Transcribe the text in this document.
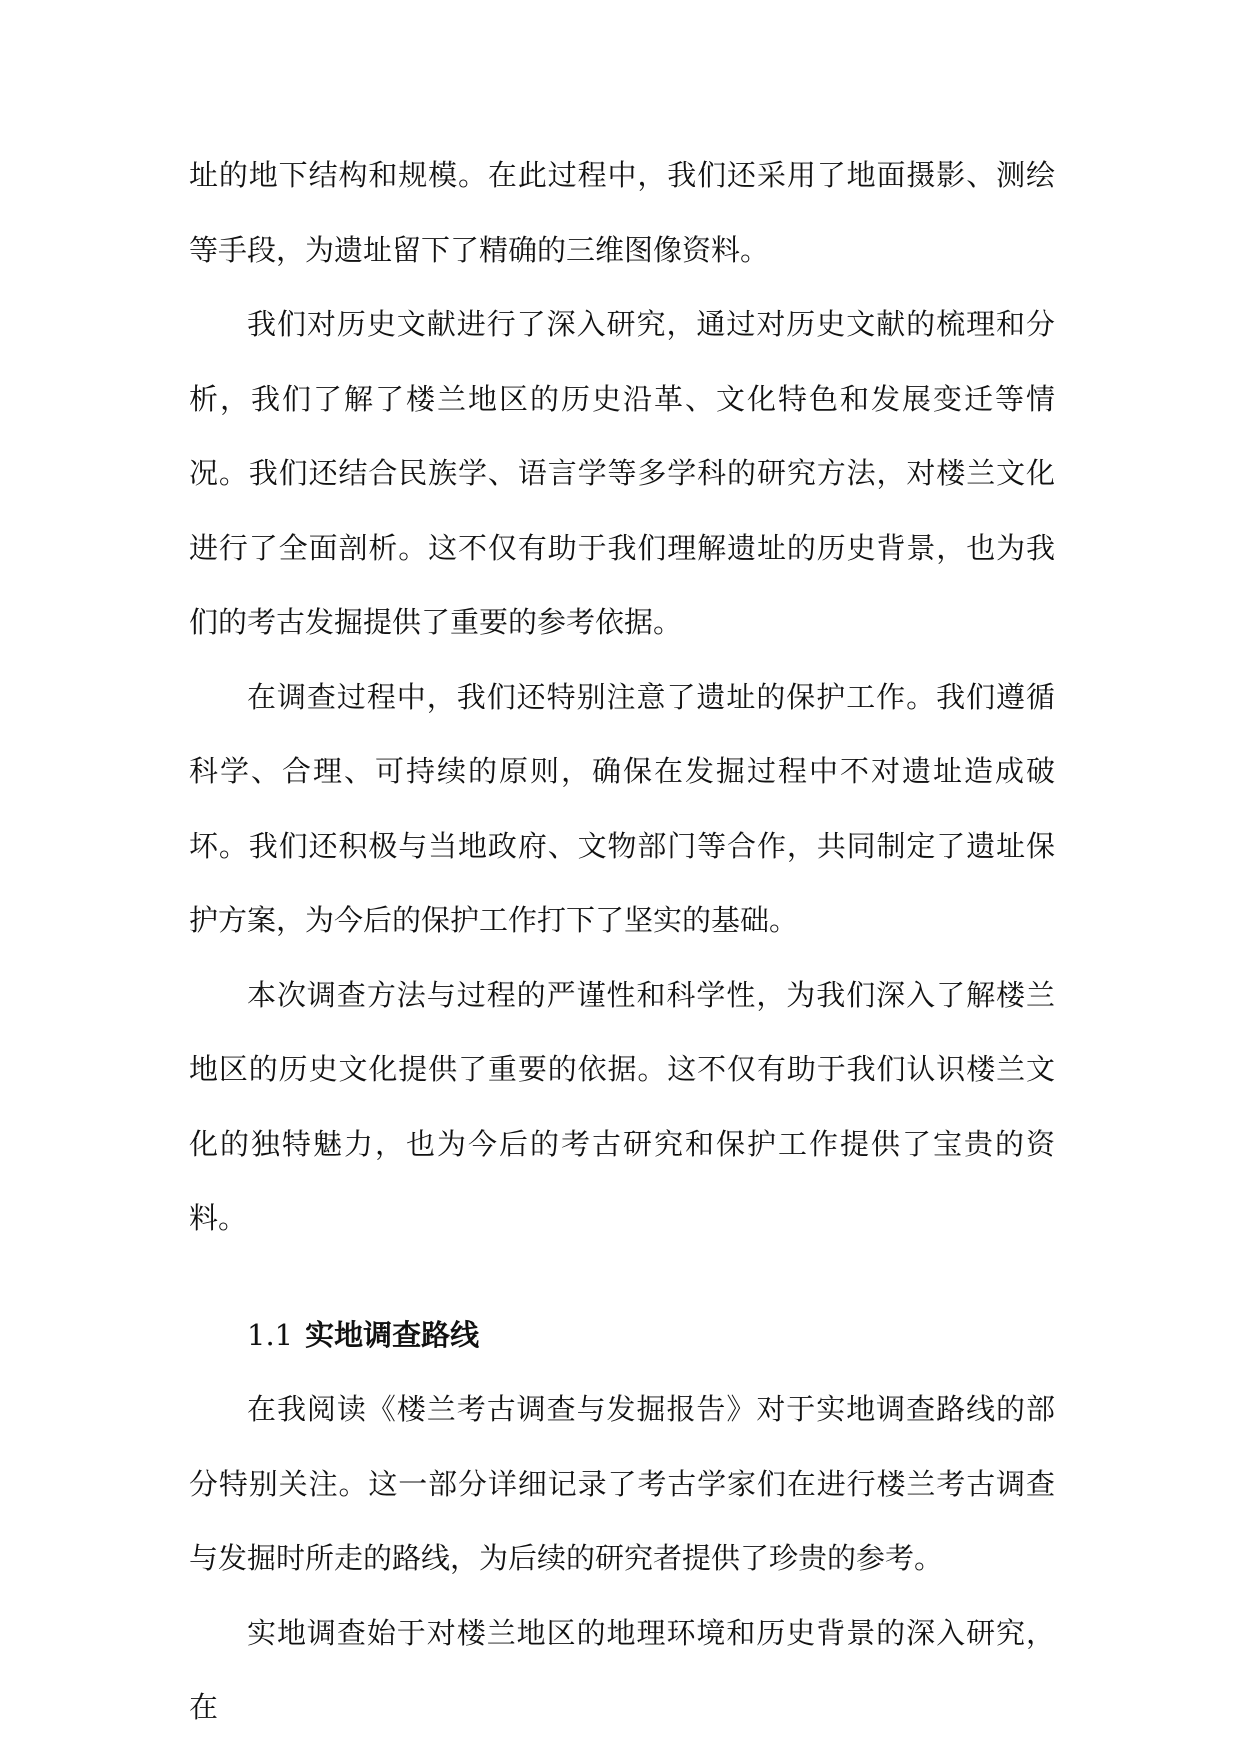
址的地下结构和规模。在此过程中，我们还采用了地面摄影、测绘等手段，为遗址留下了精确的三维图像资料。

我们对历史文献进行了深入研究，通过对历史文献的梳理和分析，我们了解了楼兰地区的历史沿革、文化特色和发展变迁等情况。我们还结合民族学、语言学等多学科的研究方法，对楼兰文化进行了全面剖析。这不仅有助于我们理解遗址的历史背景，也为我们的考古发掘提供了重要的参考依据。

在调查过程中，我们还特别注意了遗址的保护工作。我们遵循科学、合理、可持续的原则，确保在发掘过程中不对遗址造成破坏。我们还积极与当地政府、文物部门等合作，共同制定了遗址保护方案，为今后的保护工作打下了坚实的基础。

本次调查方法与过程的严谨性和科学性，为我们深入了解楼兰地区的历史文化提供了重要的依据。这不仅有助于我们认识楼兰文化的独特魅力，也为今后的考古研究和保护工作提供了宝贵的资料。

1.1 实地调查路线

在我阅读《楼兰考古调查与发掘报告》对于实地调查路线的部分特别关注。这一部分详细记录了考古学家们在进行楼兰考古调查与发掘时所走的路线，为后续的研究者提供了珍贵的参考。

实地调查始于对楼兰地区的地理环境和历史背景的深入研究，在
